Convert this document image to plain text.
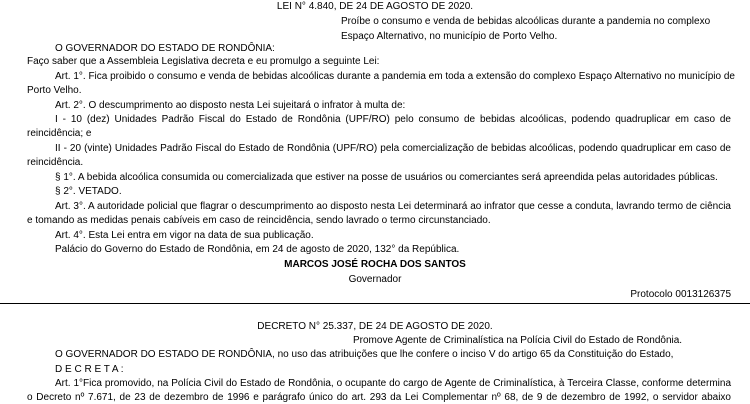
LEI N° 4.840, DE 24 DE AGOSTO DE 2020.
Proíbe o consumo e venda de bebidas alcoólicas durante a pandemia no complexo
Espaço Alternativo, no município de Porto Velho.
O GOVERNADOR DO ESTADO DE RONDÔNIA:
Faço saber que a Assembleia Legislativa decreta e eu promulgo a seguinte Lei:
Art. 1°. Fica proibido o consumo e venda de bebidas alcoólicas durante a pandemia em toda a extensão do complexo Espaço Alternativo no município de
Porto Velho.
Art. 2°. O descumprimento ao disposto nesta Lei sujeitará o infrator à multa de:
I - 10 (dez) Unidades Padrão Fiscal do Estado de Rondônia (UPF/RO) pelo consumo de bebidas alcoólicas, podendo quadruplicar em caso de
reincidência; e
II - 20 (vinte) Unidades Padrão Fiscal do Estado de Rondônia (UPF/RO) pela comercialização de bebidas alcoólicas, podendo quadruplicar em caso de
reincidência.
§ 1°. A bebida alcoólica consumida ou comercializada que estiver na posse de usuários ou comerciantes será apreendida pelas autoridades públicas.
§ 2°. VETADO.
Art. 3°. A autoridade policial que flagrar o descumprimento ao disposto nesta Lei determinará ao infrator que cesse a conduta, lavrando termo de ciência
e tomando as medidas penais cabíveis em caso de reincidência, sendo lavrado o termo circunstanciado.
Art. 4°. Esta Lei entra em vigor na data de sua publicação.
Palácio do Governo do Estado de Rondônia, em 24 de agosto de 2020, 132° da República.
MARCOS JOSÉ ROCHA DOS SANTOS
Governador
Protocolo 0013126375
DECRETO N° 25.337, DE 24 DE AGOSTO DE 2020.
Promove Agente de Criminalística na Polícia Civil do Estado de Rondônia.
O GOVERNADOR DO ESTADO DE RONDÔNIA, no uso das atribuições que lhe confere o inciso V do artigo 65 da Constituição do Estado,
D E C R E T A :
Art. 1°Fica promovido, na Polícia Civil do Estado de Rondônia, o ocupante do cargo de Agente de Criminalística, à Terceira Classe, conforme determina
o Decreto nº 7.671, de 23 de dezembro de 1996 e parágrafo único do art. 293 da Lei Complementar nº 68, de 9 de dezembro de 1992, o servidor abaixo
